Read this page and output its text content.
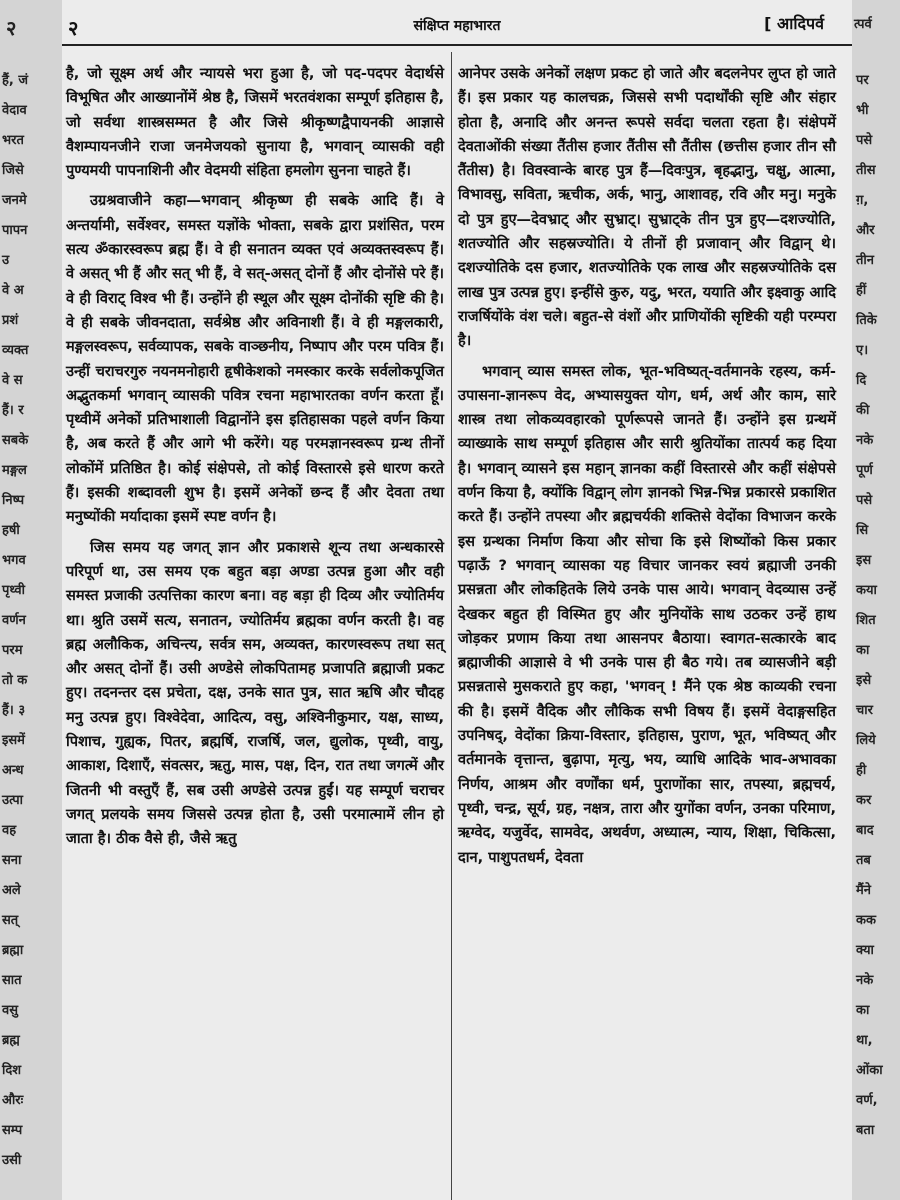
२
हैं, जं
वेदाव
भरत
जिसे
जनमे
पापन
उ
वे अ
प्रशं
व्यक्त
वे स
हैं। र
सबके
मङ्गल
निष्प
हषी
भगव
पृथ्वी
वर्णन
परम
तो क
हैं। ३
इसमें
अन्ध
उत्पा
वह
सना
अले
सत्
ब्रह्मा
सात
वसु
ब्रह्म
दिश
औरः
सम्प
उसी
२	संक्षिप्त महाभारत	[ आदिपर्व

है, जो सूक्ष्म अर्थ और न्यायसे भरा हुआ है, जो पद-पदपर वेदार्थसे विभूषित और आख्यानोंमें श्रेष्ठ है, जिसमें भरतवंशका सम्पूर्ण इतिहास है, जो सर्वथा शास्त्रसम्मत है और जिसे श्रीकृष्णद्वैपायनकी आज्ञासे वैशम्पायनजीने राजा जनमेजयको सुनाया है, भगवान् व्यासकी वही पुण्यमयी पापनाशिनी और वेदमयी संहिता हमलोग सुनना चाहते हैं।

उग्रश्रवाजीने कहा—भगवान् श्रीकृष्ण ही सबके आदि हैं। वे अन्तर्यामी, सर्वेश्वर, समस्त यज्ञोंके भोक्ता, सबके द्वारा प्रशंसित, परम सत्य ॐकारस्वरूप ब्रह्म हैं। वे ही सनातन व्यक्त एवं अव्यक्तस्वरूप हैं। वे असत् भी हैं और सत् भी हैं, वे सत्-असत् दोनों हैं और दोनोंसे परे हैं। वे ही विराट् विश्व भी हैं। उन्होंने ही स्थूल और सूक्ष्म दोनोंकी सृष्टि की है। वे ही सबके जीवनदाता, सर्वश्रेष्ठ और अविनाशी हैं। वे ही मङ्गलकारी, मङ्गलस्वरूप, सर्वव्यापक, सबके वाञ्छनीय, निष्पाप और परम पवित्र हैं। उन्हीं चराचरगुरु नयनमनोहारी हृषीकेशको नमस्कार करके सर्वलोकपूजित अद्भुतकर्मा भगवान् व्यासकी पवित्र रचना महाभारतका वर्णन करता हूँ। पृथ्वीमें अनेकों प्रतिभाशाली विद्वानोंने इस इतिहासका पहले वर्णन किया है, अब करते हैं और आगे भी करेंगे। यह परमज्ञानस्वरूप ग्रन्थ तीनों लोकोंमें प्रतिष्ठित है। कोई संक्षेपसे, तो कोई विस्तारसे इसे धारण करते हैं। इसकी शब्दावली शुभ है। इसमें अनेकों छन्द हैं और देवता तथा मनुष्योंकी मर्यादाका इसमें स्पष्ट वर्णन है।

जिस समय यह जगत् ज्ञान और प्रकाशसे शून्य तथा अन्धकारसे परिपूर्ण था, उस समय एक बहुत बड़ा अण्डा उत्पन्न हुआ और वही समस्त प्रजाकी उत्पत्तिका कारण बना। वह बड़ा ही दिव्य और ज्योतिर्मय था। श्रुति उसमें सत्य, सनातन, ज्योतिर्मय ब्रह्मका वर्णन करती है। वह ब्रह्म अलौकिक, अचिन्त्य, सर्वत्र सम, अव्यक्त, कारणस्वरूप तथा सत् और असत् दोनों हैं। उसी अण्डेसे लोकपितामह प्रजापति ब्रह्माजी प्रकट हुए। तदनन्तर दस प्रचेता, दक्ष, उनके सात पुत्र, सात ऋषि और चौदह मनु उत्पन्न हुए। विश्वेदेवा, आदित्य, वसु, अश्विनीकुमार, यक्ष, साध्य, पिशाच, गुह्यक, पितर, ब्रह्मर्षि, राजर्षि, जल, द्युलोक, पृथ्वी, वायु, आकाश, दिशाएँ, संवत्सर, ऋतु, मास, पक्ष, दिन, रात तथा जगत्में और जितनी भी वस्तुएँ हैं, सब उसी अण्डेसे उत्पन्न हुईं। यह सम्पूर्ण चराचर जगत् प्रलयके समय जिससे उत्पन्न होता है, उसी परमात्मामें लीन हो जाता है। ठीक वैसे ही, जैसे ऋतु

आनेपर उसके अनेकों लक्षण प्रकट हो जाते और बदलनेपर लुप्त हो जाते हैं। इस प्रकार यह कालचक्र, जिससे सभी पदार्थोंकी सृष्टि और संहार होता है, अनादि और अनन्त रूपसे सर्वदा चलता रहता है। संक्षेपमें देवताओंकी संख्या तैंतीस हजार तैंतीस सौ तैंतीस (छत्तीस हजार तीन सौ तैंतीस) है। विवस्वान्के बारह पुत्र हैं—दिवःपुत्र, बृहद्भानु, चक्षु, आत्मा, विभावसु, सविता, ऋचीक, अर्क, भानु, आशावह, रवि और मनु। मनुके दो पुत्र हुए—देवभ्राट् और सुभ्राट्। सुभ्राट्के तीन पुत्र हुए—दशज्योति, शतज्योति और सहस्रज्योति। ये तीनों ही प्रजावान् और विद्वान् थे। दशज्योतिके दस हजार, शतज्योतिके एक लाख और सहस्रज्योतिके दस लाख पुत्र उत्पन्न हुए। इन्हींसे कुरु, यदु, भरत, ययाति और इक्ष्वाकु आदि राजर्षियोंके वंश चले। बहुत-से वंशों और प्राणियोंकी सृष्टिकी यही परम्परा है।

भगवान् व्यास समस्त लोक, भूत-भविष्यत्-वर्तमानके रहस्य, कर्म-उपासना-ज्ञानरूप वेद, अभ्यासयुक्त योग, धर्म, अर्थ और काम, सारे शास्त्र तथा लोकव्यवहारको पूर्णरूपसे जानते हैं। उन्होंने इस ग्रन्थमें व्याख्याके साथ सम्पूर्ण इतिहास और सारी श्रुतियोंका तात्पर्य कह दिया है। भगवान् व्यासने इस महान् ज्ञानका कहीं विस्तारसे और कहीं संक्षेपसे वर्णन किया है, क्योंकि विद्वान् लोग ज्ञानको भिन्न-भिन्न प्रकारसे प्रकाशित करते हैं। उन्होंने तपस्या और ब्रह्मचर्यकी शक्तिसे वेदोंका विभाजन करके इस ग्रन्थका निर्माण किया और सोचा कि इसे शिष्योंको किस प्रकार पढ़ाऊँ ? भगवान् व्यासका यह विचार जानकर स्वयं ब्रह्माजी उनकी प्रसन्नता और लोकहितके लिये उनके पास आये। भगवान् वेदव्यास उन्हें देखकर बहुत ही विस्मित हुए और मुनियोंके साथ उठकर उन्हें हाथ जोड़कर प्रणाम किया तथा आसनपर बैठाया। स्वागत-सत्कारके बाद ब्रह्माजीकी आज्ञासे वे भी उनके पास ही बैठ गये। तब व्यासजीने बड़ी प्रसन्नतासे मुसकराते हुए कहा, 'भगवन् ! मैंने एक श्रेष्ठ काव्यकी रचना की है। इसमें वैदिक और लौकिक सभी विषय हैं। इसमें वेदाङ्गसहित उपनिषद्, वेदोंका क्रिया-विस्तार, इतिहास, पुराण, भूत, भविष्यत् और वर्तमानके वृत्तान्त, बुढ़ापा, मृत्यु, भय, व्याधि आदिके भाव-अभावका निर्णय, आश्रम और वर्णोंका धर्म, पुराणोंका सार, तपस्या, ब्रह्मचर्य, पृथ्वी, चन्द्र, सूर्य, ग्रह, नक्षत्र, तारा और युगोंका वर्णन, उनका परिमाण, ऋग्वेद, यजुर्वेद, सामवेद, अथर्वण, अध्यात्म, न्याय, शिक्षा, चिकित्सा, दान, पाशुपतधर्म, देवता

त्पर्व
पर
भी
पसे
तीस
ग़,
और
तीन
हीं
तिके
ए।
दि
की
नके
पूर्ण
पसे
सि
इस
कया
शित
का
इसे
चार
लिये
ही
कर
बाद
तब
मैंने
कक
क्या
नके
का
था,
ओंका
वर्ण,
बता
